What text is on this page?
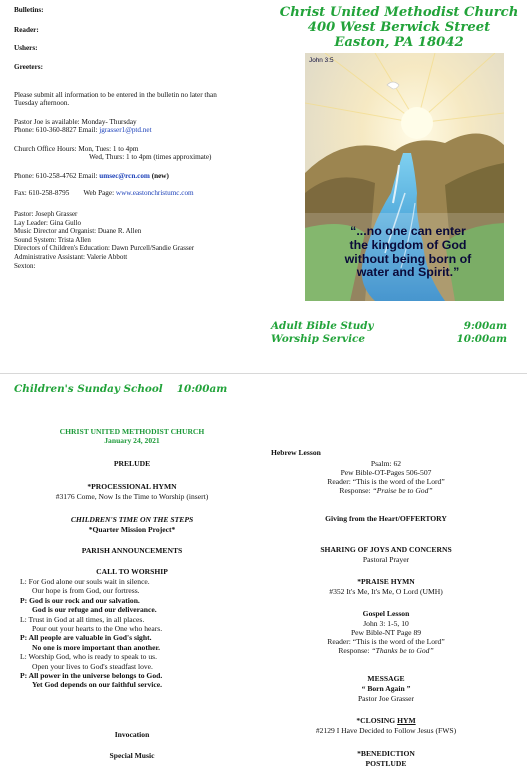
Bulletins:
Reader:
Ushers:
Greeters:
Please submit all information to be entered in the bulletin no later than
Tuesday afternoon.
Pastor Joe is available: Monday- Thursday
Phone: 610-360-8827 Email: jgrasser1@ptd.net
Church Office Hours: Mon, Tues: 1 to 4pm
Wed, Thurs: 1 to 4pm (times approximate)
Phone: 610-258-4762 Email: umsec@rcn.com (new)
Fax: 610-258-8795 Web Page: www.eastonchristumc.com
Pastor: Joseph Grasser
Lay Leader: Gina Gullo
Music Director and Organist: Duane R. Allen
Sound System: Trista Allen
Directors of Children's Education: Dawn Purcell/Sandie Grasser
Administrative Assistant: Valerie Abbott
Sexton:
Christ United Methodist Church
400 West Berwick Street
Easton, PA 18042
John 3:5
“...no one can enter
the kingdom of God
without being born of
water and Spirit.”
Adult Bible Study
Worship Service
9:00am
10:00am
Children's Sunday School 10:00am
CHRIST UNITED METHODIST CHURCH
January 24, 2021
PRELUDE
*PROCESSIONAL HYMN
#3176 Come, Now Is the Time to Worship (insert)
CHILDREN'S TIME ON THE STEPS
*Quarter Mission Project*
PARISH ANNOUNCEMENTS
CALL TO WORSHIP
L: For God alone our souls wait in silence.
Our hope is from God, our fortress.
P: God is our rock and our salvation.
God is our refuge and our deliverance.
L: Trust in God at all times, in all places.
Pour out your hearts to the One who hears.
P: All people are valuable in God's sight.
No one is more important than another.
L: Worship God, who is ready to speak to us.
Open your lives to God's steadfast love.
P: All power in the universe belongs to God.
Yet God depends on our faithful service.
Invocation
Special Music
Hebrew Lesson
Psalm: 62
Pew Bible-OT-Pages 506-507
Reader: “This is the word of the Lord”
Response: “Praise be to God”
Giving from the Heart/OFFERTORY
SHARING OF JOYS AND CONCERNS
Pastoral Prayer
*PRAISE HYMN
#352 It's Me, It's Me, O Lord (UMH)
Gospel Lesson
John 3: 1-5, 10
Pew Bible-NT Page 89
Reader: “This is the word of the Lord”
Response: “Thanks be to God”
MESSAGE
“ Born Again ”
Pastor Joe Grasser
*CLOSING HYM
#2129 I Have Decided to Follow Jesus (FWS)
*BENEDICTION
POSTLUDE
